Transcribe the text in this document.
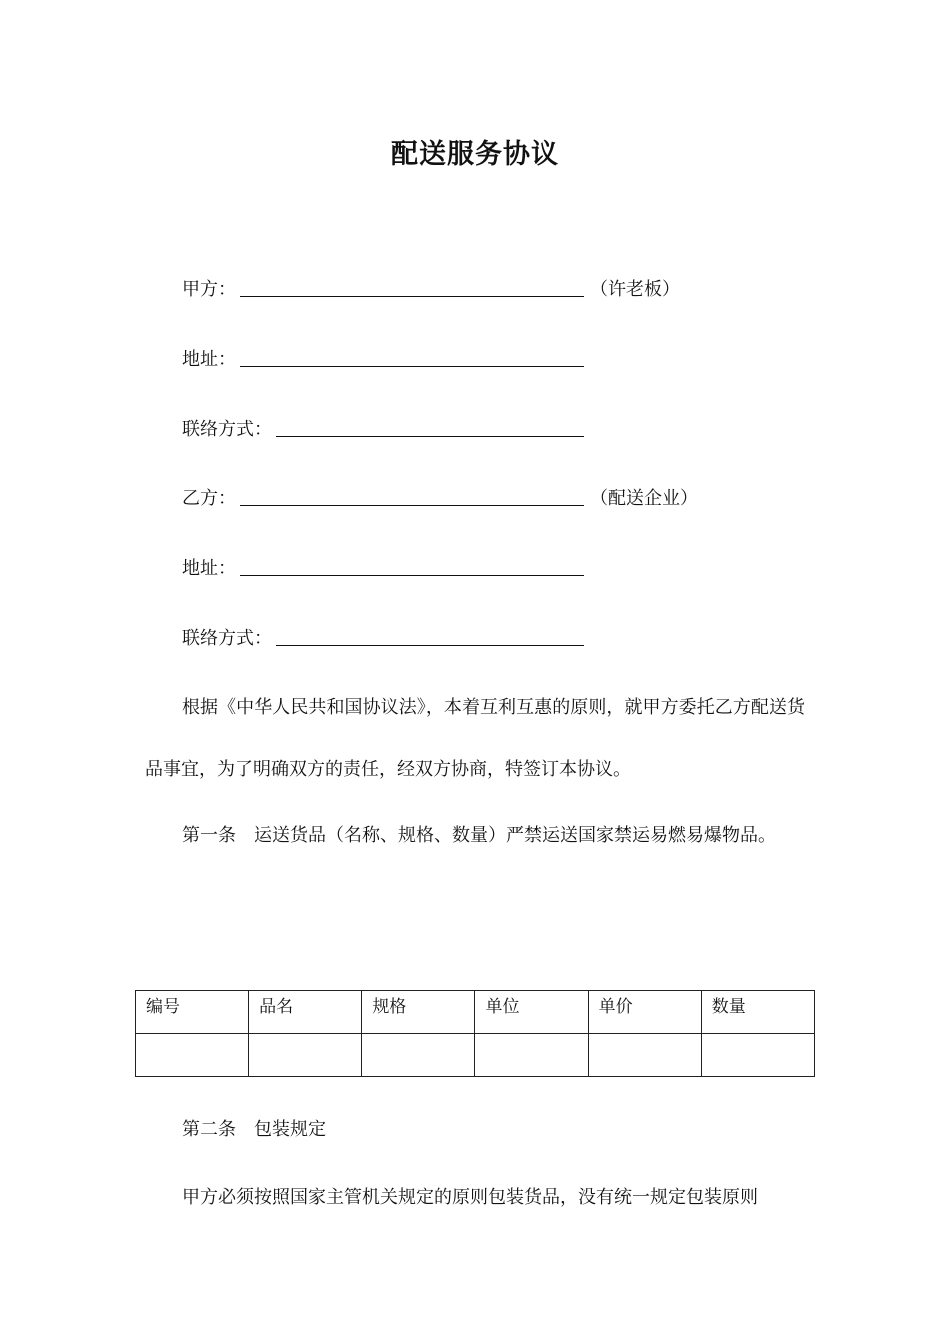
配送服务协议
甲方：	（许老板）
地址：
联络方式：
乙方：	（配送企业）
地址：
联络方式：
根据《中华人民共和国协议法》，本着互利互惠的原则，就甲方委托乙方配送货品事宜，为了明确双方的责任，经双方协商，特签订本协议。
第一条　运送货品（名称、规格、数量）严禁运送国家禁运易燃易爆物品。
编号	品名	规格	单位	单价	数量

第二条　包装规定
甲方必须按照国家主管机关规定的原则包装货品，没有统一规定包装原则
